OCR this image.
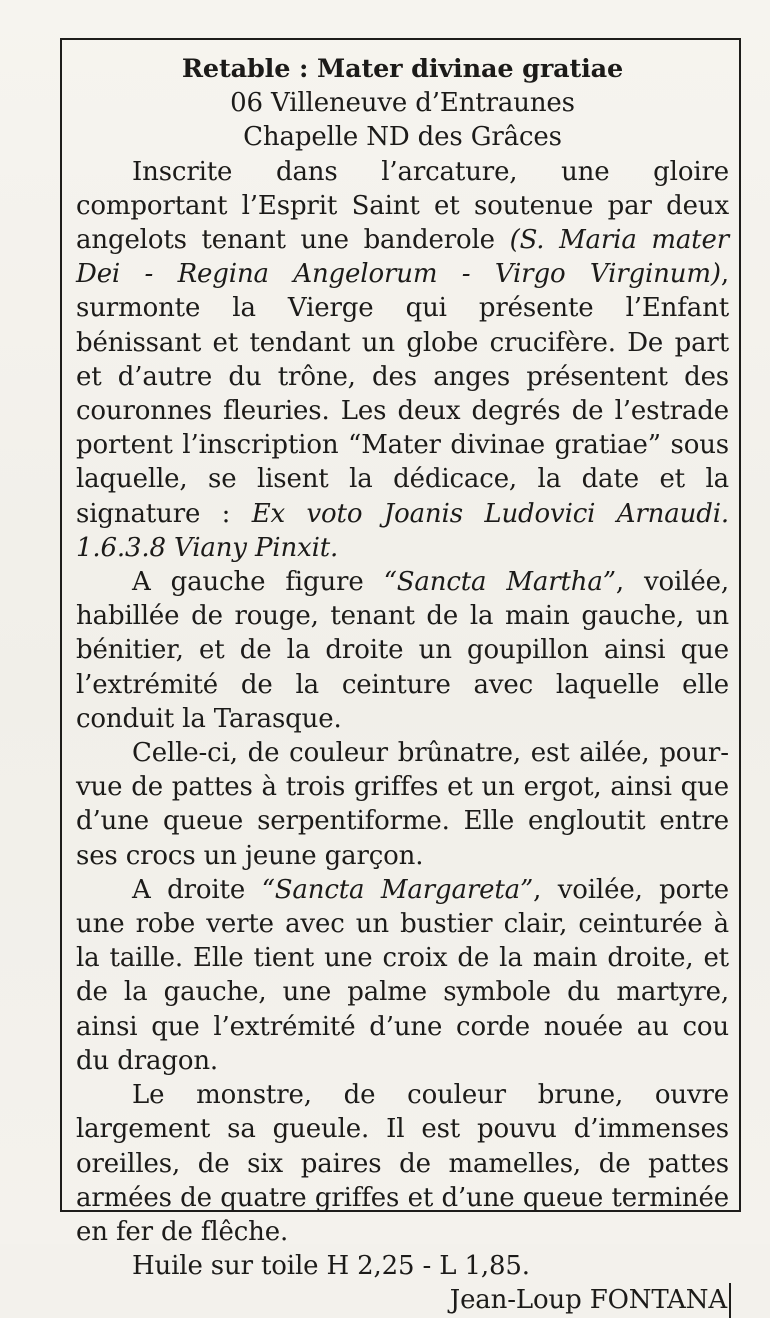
Retable : Mater divinae gratiae

06 Villeneuve d’Entraunes

Chapelle ND des Grâces

Inscrite dans l’arcature, une gloire comportant l’Esprit Saint et soutenue par deux angelots tenant une banderole (S. Maria mater Dei - Regina Angelorum - Virgo Virginum), surmonte la Vierge qui présente l’Enfant bénissant et tendant un globe crucifère. De part et d’autre du trône, des anges présentent des couronnes fleuries. Les deux degrés de l’estrade portent l’inscription “Mater divinae gratiae” sous laquelle, se lisent la dédicace, la date et la signature : Ex voto Joanis Ludovici Arnaudi. 1.6.3.8 Viany Pinxit.

A gauche figure “Sancta Martha”, voilée, habillée de rouge, tenant de la main gauche, un bénitier, et de la droite un goupillon ainsi que l’extrémité de la ceinture avec laquelle elle conduit la Tarasque.

Celle-ci, de couleur brûnatre, est ailée, pourvue de pattes à trois griffes et un ergot, ainsi que d’une queue serpentiforme. Elle engloutit entre ses crocs un jeune garçon.

A droite “Sancta Margareta”, voilée, porte une robe verte avec un bustier clair, ceinturée à la taille. Elle tient une croix de la main droite, et de la gauche, une palme symbole du martyre, ainsi que l’extrémité d’une corde nouée au cou du dragon.

Le monstre, de couleur brune, ouvre largement sa gueule. Il est pouvu d’immenses oreilles, de six paires de mamelles, de pattes armées de quatre griffes et d’une queue terminée en fer de flêche.

Huile sur toile H 2,25 - L 1,85.

Jean-Loup FONTANA
